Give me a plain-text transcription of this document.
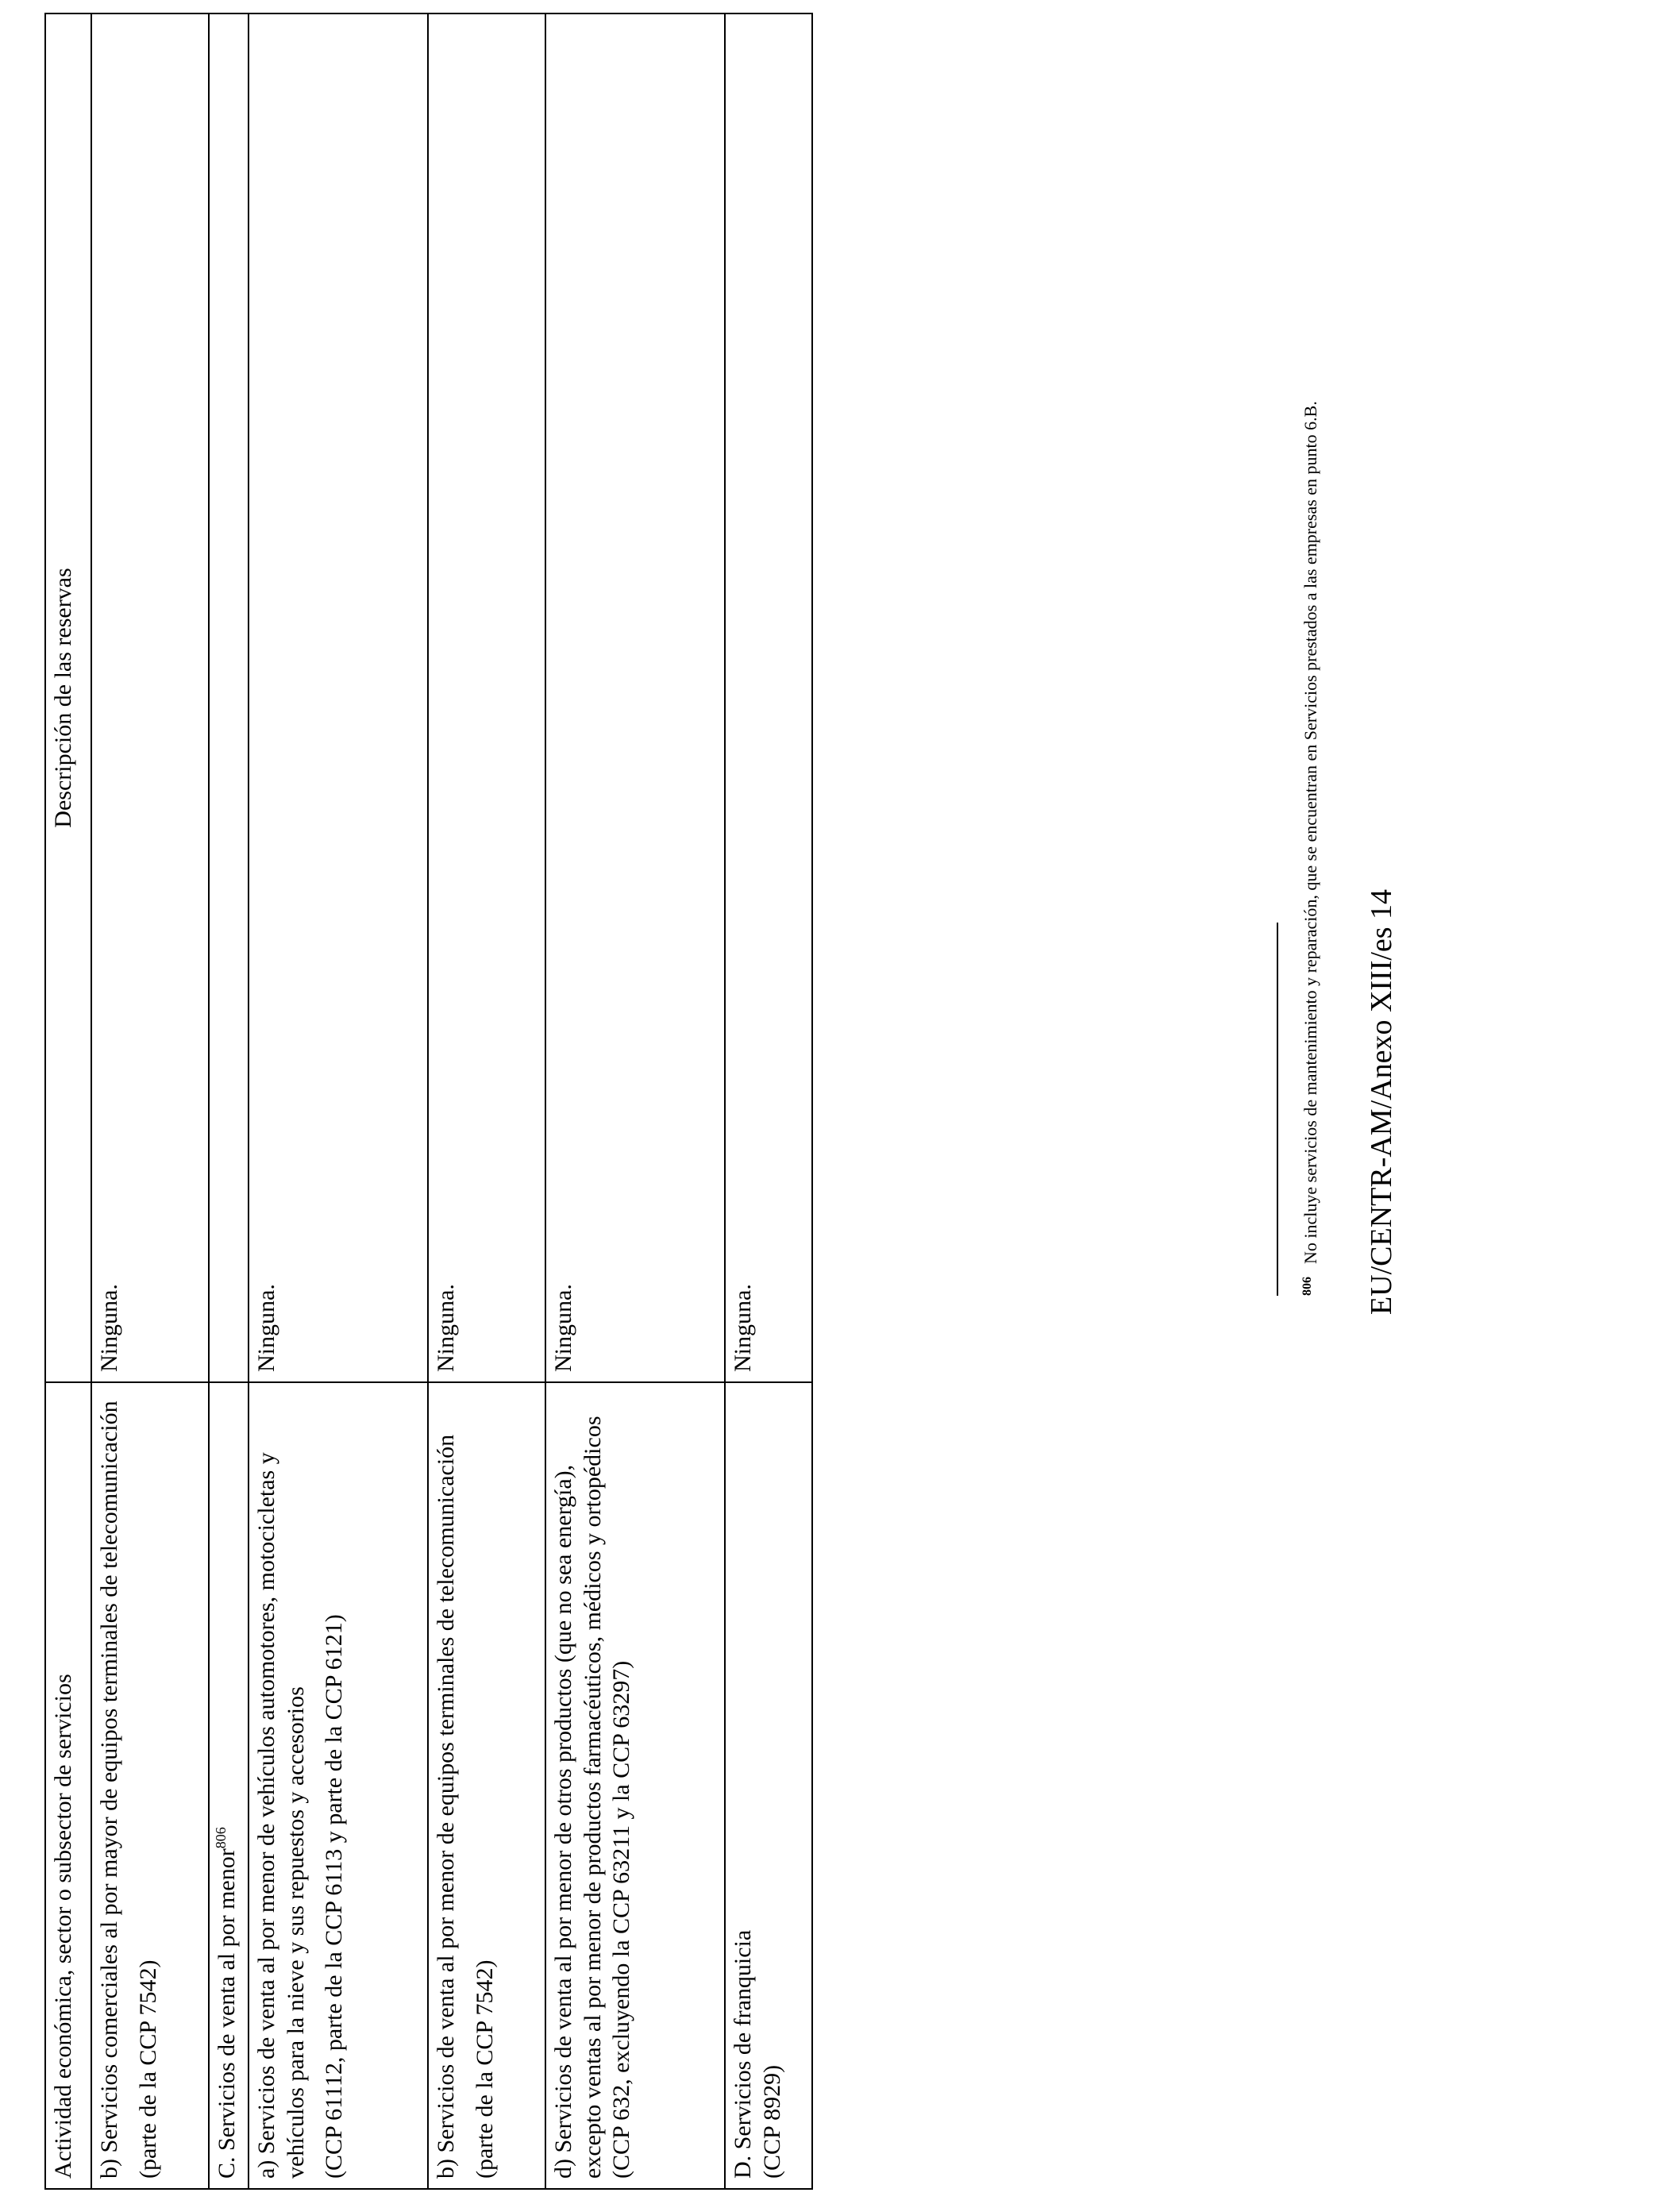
Actividad económica, sector o subsector de servicios	Descripción de las reservas

b) Servicios comerciales al por mayor de equipos terminales de telecomunicación (parte de la CCP 7542)	Ninguna.
C. Servicios de venta al por menor$^{806}$	

a) Servicios de venta al por menor de vehículos automotores, motocicletas y vehículos para la nieve y sus repuestos y accesorios (CCP 61112, parte de la CCP 6113 y parte de la CCP 6121)	Ninguna.

b) Servicios de venta al por menor de equipos terminales de telecomunicación (parte de la CCP 7542)	Ninguna.

d) Servicios de venta al por menor de otros productos (que no sea energía), excepto ventas al por menor de productos farmacéuticos, médicos y ortopédicos (CCP 632, excluyendo la CCP 63211 y la CCP 63297)	Ninguna.

D. Servicios de franquicia (CCP 8929)	Ninguna.	806No incluye servicios de mantenimiento y reparación, que se encuentran en Servicios prestados a las empresas en punto 6.B. EU/CENTR-AM/Anexo XIII/es 14
